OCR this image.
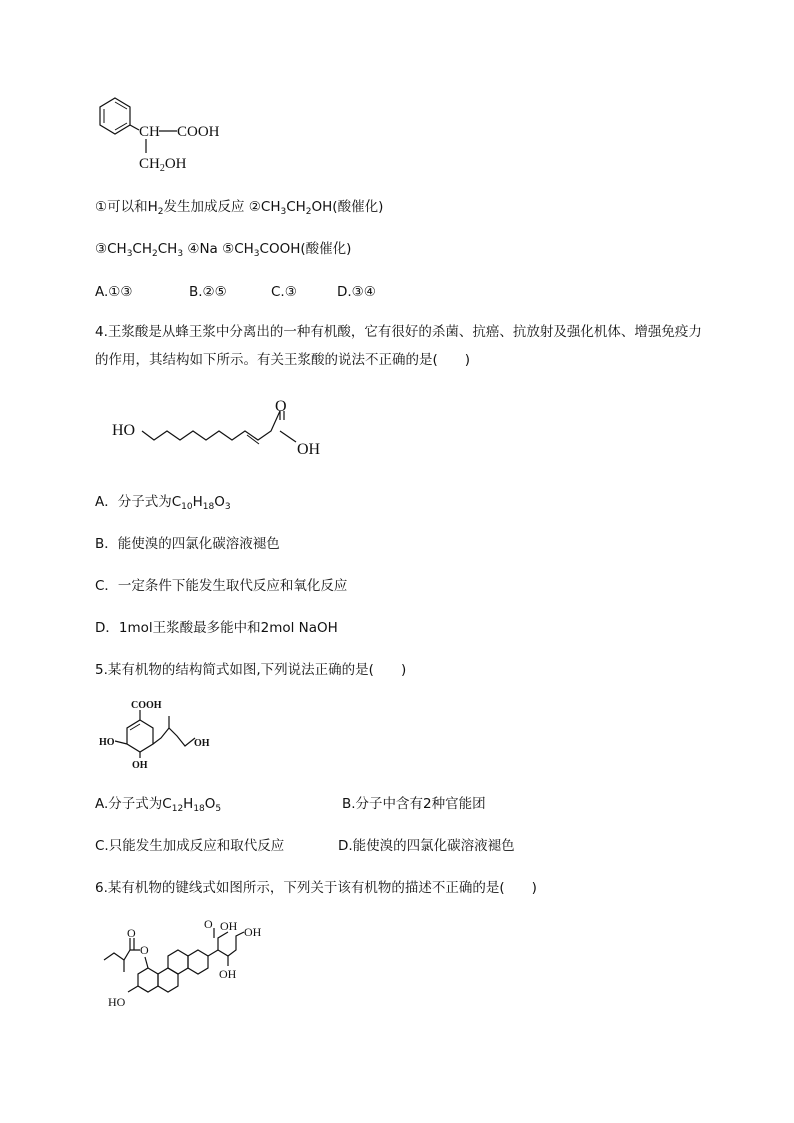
CH COOH
$CH_2OH$
①可以和$H_2$发生加成反应 $②CH_3CH_2OH$(酸催化)
$③CH_3CH_2CH_3$ ④Na $⑤CH_3COOH$(酸催化)
A.①③	B.②⑤	C.③	D.③④
4.王浆酸是从蜂王浆中分离出的一种有机酸，它有很好的杀菌、抗癌、抗放射及强化机体、增强免疫力的作用，其结构如下所示。有关王浆酸的说法不正确的是(　　)
HO
O
OH
A．分子式为$C_{10}H_{18}O_3$
B．能使溴的四氯化碳溶液褪色
C．一定条件下能发生取代反应和氧化反应
D．1mol王浆酸最多能中和2mol NaOH
5.某有机物的结构简式如图,下列说法正确的是(　　)
COOH
HO
OH
OH
A.分子式为$C_{12}H_{18}O_5$	B.分子中含有2种官能团
C.只能发生加成反应和取代反应	D.能使溴的四氯化碳溶液褪色
6.某有机物的键线式如图所示，下列关于该有机物的描述不正确的是(　　)
O
O
HO
O OH OH
OH
